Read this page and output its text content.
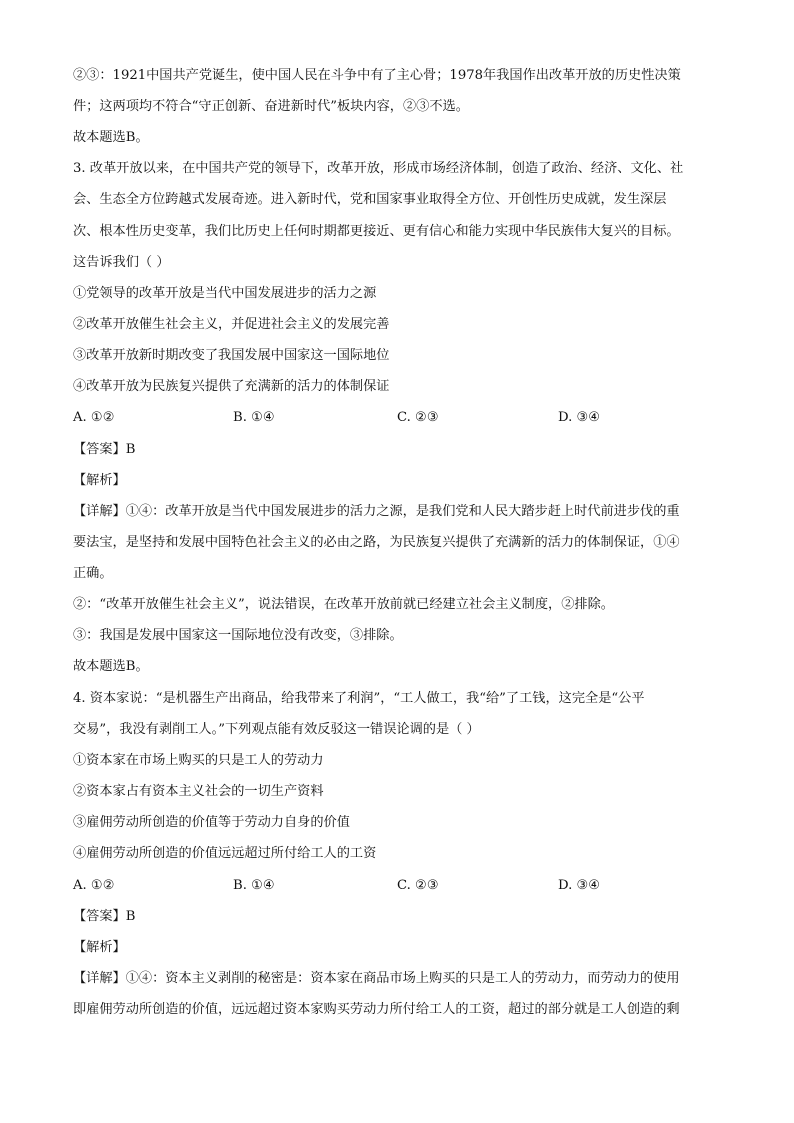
②③：1921中国共产党诞生，使中国人民在斗争中有了主心骨；1978年我国作出改革开放的历史性决策
件；这两项均不符合“守正创新、奋进新时代”板块内容，②③不选。
故本题选B。
3. 改革开放以来，在中国共产党的领导下，改革开放，形成市场经济体制，创造了政治、经济、文化、社
会、生态全方位跨越式发展奇迹。进入新时代，党和国家事业取得全方位、开创性历史成就，发生深层
次、根本性历史变革，我们比历史上任何时期都更接近、更有信心和能力实现中华民族伟大复兴的目标。
这告诉我们（ ）
①党领导的改革开放是当代中国发展进步的活力之源
②改革开放催生社会主义，并促进社会主义的发展完善
③改革开放新时期改变了我国发展中国家这一国际地位
④改革开放为民族复兴提供了充满新的活力的体制保证
A. ①②	B. ①④	C. ②③	D. ③④
【答案】B
【解析】
【详解】①④：改革开放是当代中国发展进步的活力之源，是我们党和人民大踏步赶上时代前进步伐的重
要法宝，是坚持和发展中国特色社会主义的必由之路，为民族复兴提供了充满新的活力的体制保证，①④
正确。
②：“改革开放催生社会主义”，说法错误，在改革开放前就已经建立社会主义制度，②排除。
③：我国是发展中国家这一国际地位没有改变，③排除。
故本题选B。
4. 资本家说：“是机器生产出商品，给我带来了利润”，“工人做工，我“给”了工钱，这完全是“公平
交易”，我没有剥削工人。”下列观点能有效反驳这一错误论调的是（ ）
①资本家在市场上购买的只是工人的劳动力
②资本家占有资本主义社会的一切生产资料
③雇佣劳动所创造的价值等于劳动力自身的价值
④雇佣劳动所创造的价值远远超过所付给工人的工资
A. ①②	B. ①④	C. ②③	D. ③④
【答案】B
【解析】
【详解】①④：资本主义剥削的秘密是：资本家在商品市场上购买的只是工人的劳动力，而劳动力的使用
即雇佣劳动所创造的价值，远远超过资本家购买劳动力所付给工人的工资，超过的部分就是工人创造的剩
